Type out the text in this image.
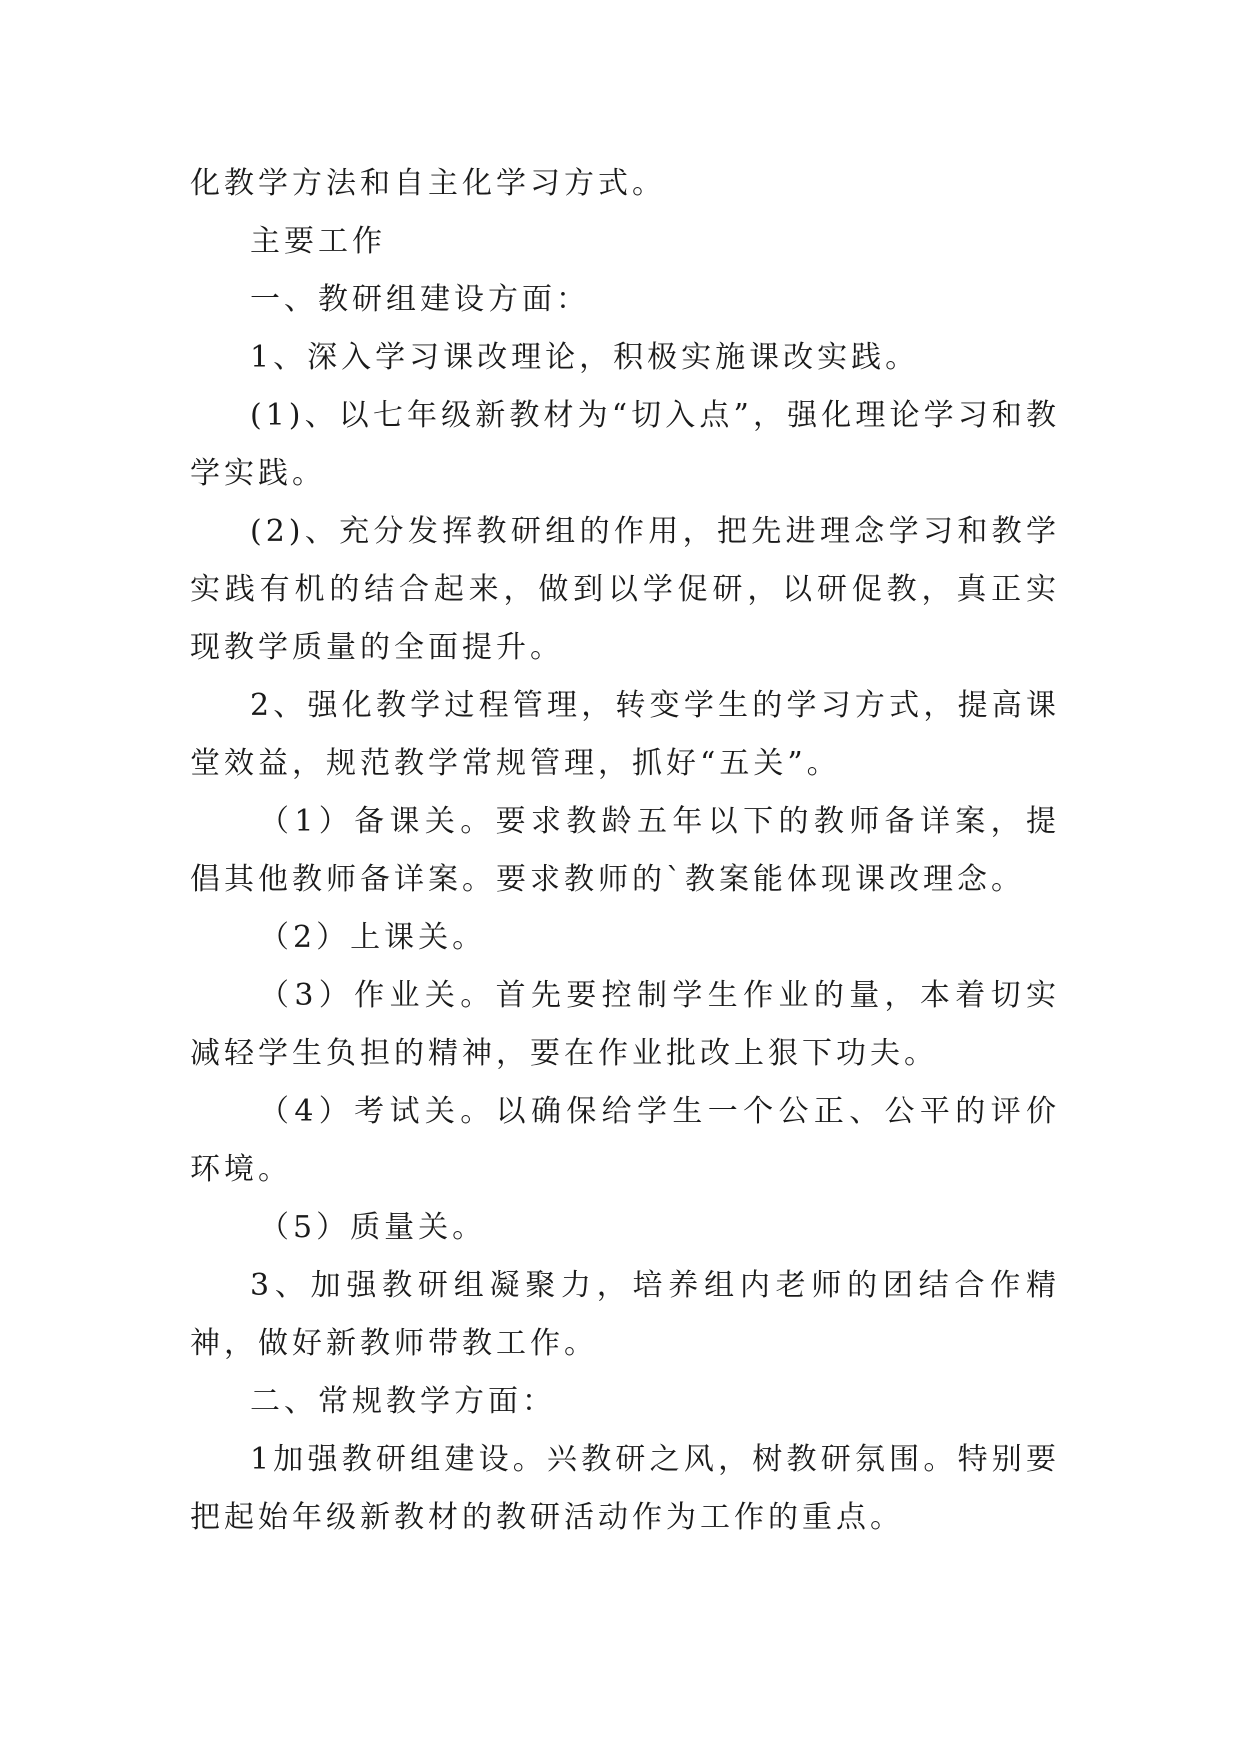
化教学方法和自主化学习方式。

主要工作

一、教研组建设方面：

1、深入学习课改理论，积极实施课改实践。

(1)、以七年级新教材为“切入点”，强化理论学习和教学实践。

(2)、充分发挥教研组的作用，把先进理念学习和教学实践有机的结合起来，做到以学促研，以研促教，真正实现教学质量的全面提升。

2、强化教学过程管理，转变学生的学习方式，提高课堂效益，规范教学常规管理，抓好“五关”。

（1）备课关。要求教龄五年以下的教师备详案，提倡其他教师备详案。要求教师的`教案能体现课改理念。

（2）上课关。

（3）作业关。首先要控制学生作业的量，本着切实减轻学生负担的精神，要在作业批改上狠下功夫。

（4）考试关。以确保给学生一个公正、公平的评价环境。

（5）质量关。

3、加强教研组凝聚力，培养组内老师的团结合作精神，做好新教师带教工作。

二、常规教学方面：

1加强教研组建设。兴教研之风，树教研氛围。特别要把起始年级新教材的教研活动作为工作的重点。
